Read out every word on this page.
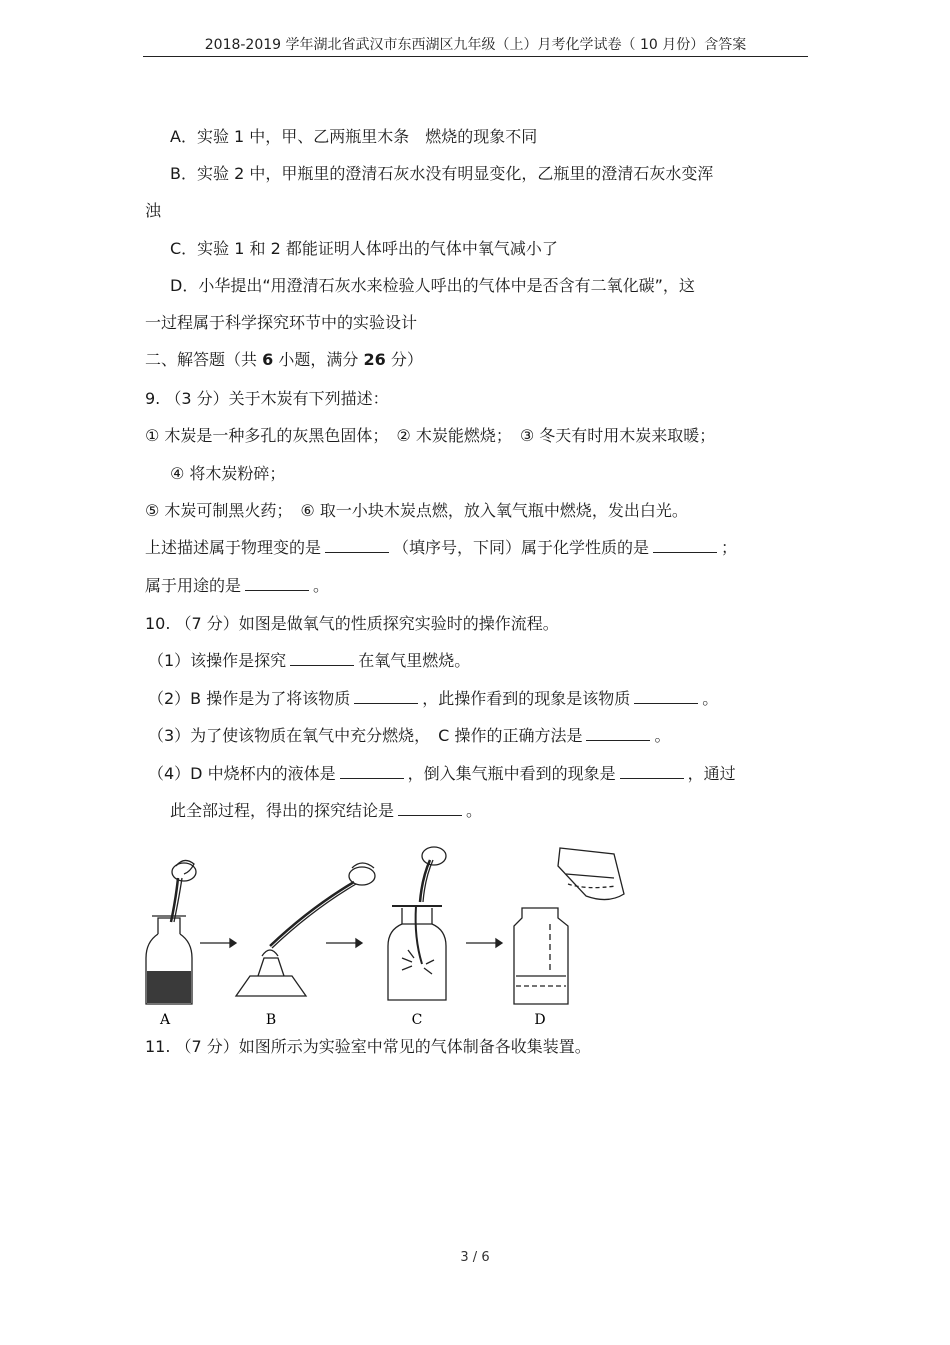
2018-2019 学年湖北省武汉市东西湖区九年级（上）月考化学试卷（ 10 月份）含答案
A．实验 1 中，甲、乙两瓶里木条　燃烧的现象不同
B．实验 2 中，甲瓶里的澄清石灰水没有明显变化，乙瓶里的澄清石灰水变浑
浊
C．实验 1 和 2 都能证明人体呼出的气体中氧气减小了
D．小华提出“用澄清石灰水来检验人呼出的气体中是否含有二氧化碳”，这
一过程属于科学探究环节中的实验设计
二、解答题（共 6 小题，满分 26 分）
9. （3 分）关于木炭有下列描述：
① 木炭是一种多孔的灰黑色固体；　② 木炭能燃烧；　③ 冬天有时用木炭来取暖；
④ 将木炭粉碎；
⑤ 木炭可制黑火药；　⑥ 取一小块木炭点燃，放入氧气瓶中燃烧，发出白光。
上述描述属于物理变的是	（填序号，下同）属于化学性质的是	；
属于用途的是	。
10. （7 分）如图是做氧气的性质探究实验时的操作流程。
（1）该操作是探究	在氧气里燃烧。
（2）B 操作是为了将该物质	，此操作看到的现象是该物质	。
（3）为了使该物质在氧气中充分燃烧，　C 操作的正确方法是	。
（4）D 中烧杯内的液体是	，倒入集气瓶中看到的现象是	，通过
此全部过程，得出的探究结论是	。
A	B	C	D
11. （7 分）如图所示为实验室中常见的气体制备各收集装置。
3 / 6
